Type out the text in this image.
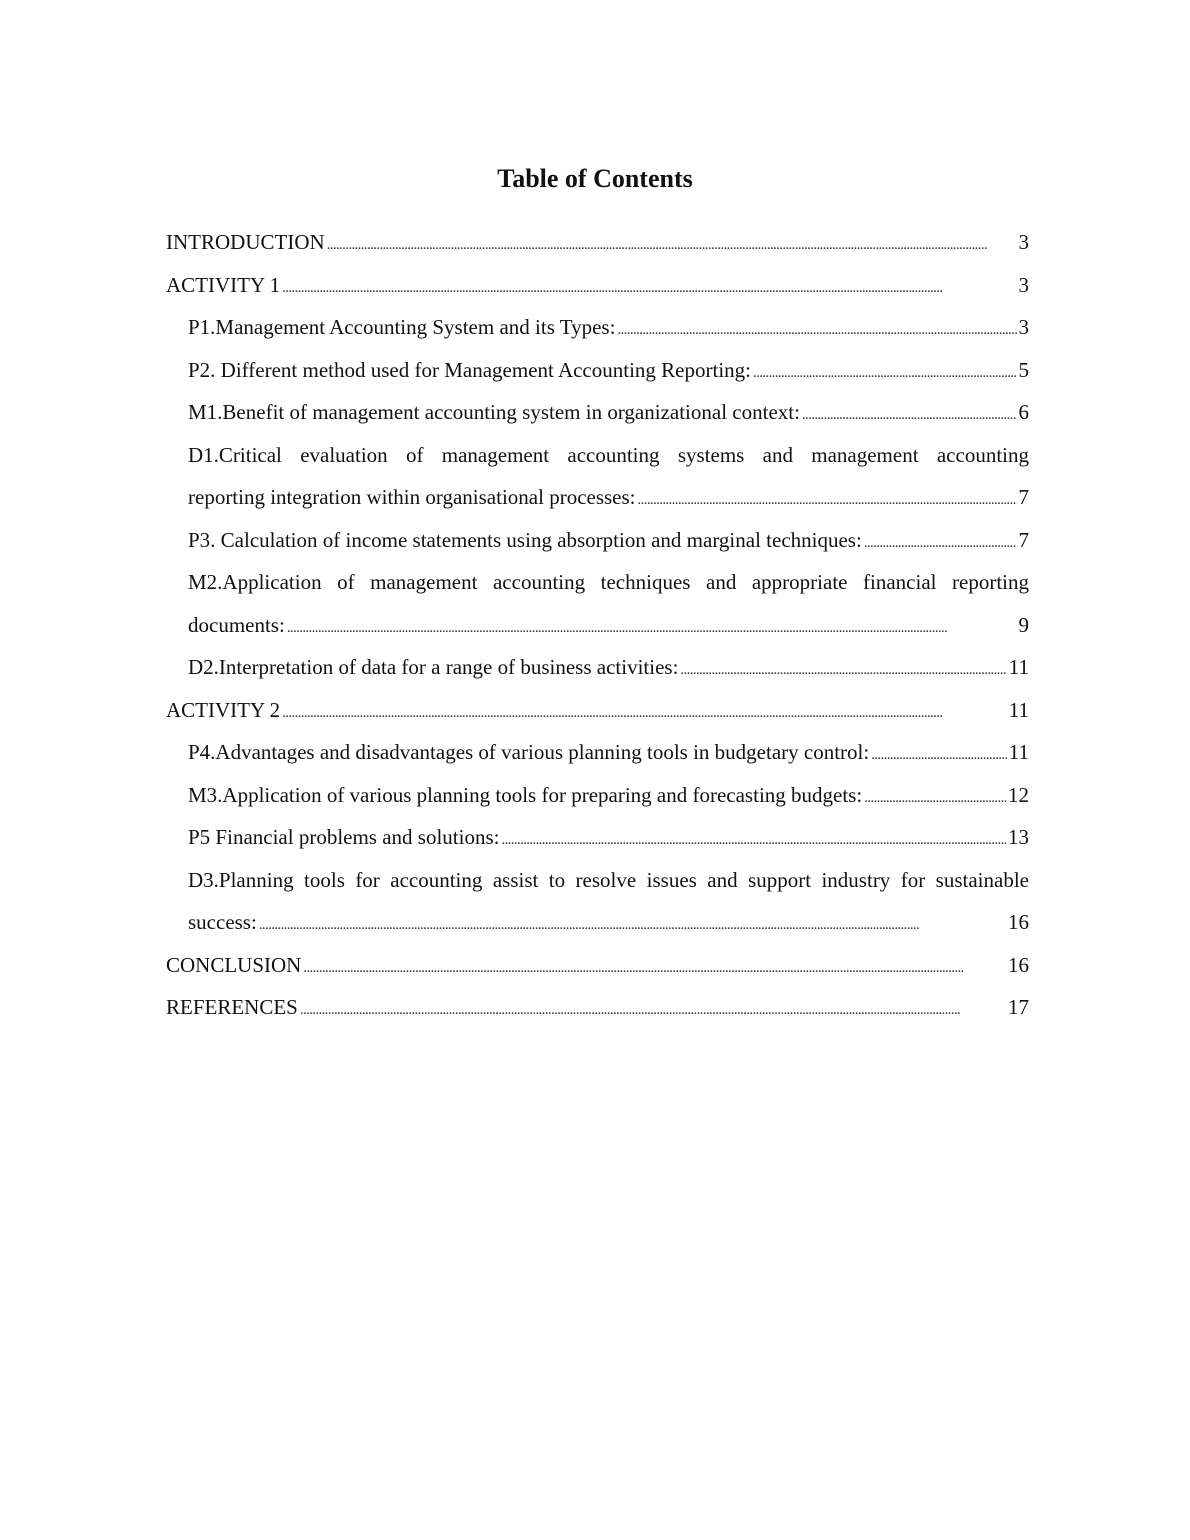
Table of Contents
INTRODUCTION . . .	3
ACTIVITY 1 . . .	3
P1.Management Accounting System and its Types: . . .	3
P2. Different method used for Management Accounting Reporting: . . .	5
M1.Benefit of management accounting system in organizational context: . . .	6
D1.Critical evaluation of management accounting systems and management accounting
reporting integration within organisational processes: . . .	7
P3. Calculation of income statements using absorption and marginal techniques: . . .	7
M2.Application of management accounting techniques and appropriate financial reporting
documents: . . .	9
D2.Interpretation of data for a range of business activities: . . .	11
ACTIVITY 2 . . .	11
P4.Advantages and disadvantages of various planning tools in budgetary control: . . .	11
M3.Application of various planning tools for preparing and forecasting budgets: . . .	12
P5 Financial problems and solutions: . . .	13
D3.Planning tools for accounting assist to resolve issues and support industry for sustainable
success: . . .	16
CONCLUSION . . .	16
REFERENCES . . .	17
